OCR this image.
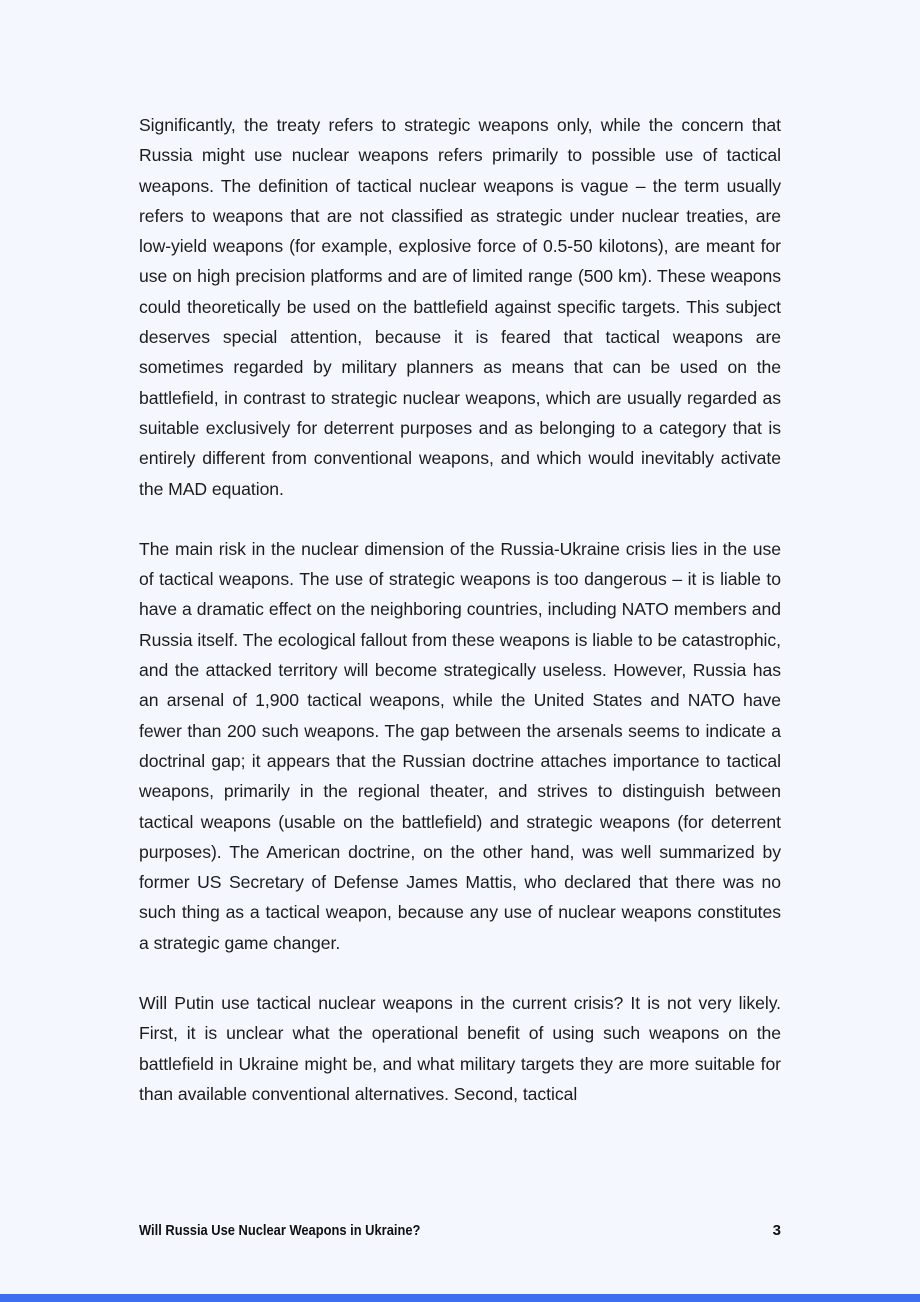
Significantly, the treaty refers to strategic weapons only, while the concern that Russia might use nuclear weapons refers primarily to possible use of tactical weapons. The definition of tactical nuclear weapons is vague – the term usually refers to weapons that are not classified as strategic under nuclear treaties, are low-yield weapons (for example, explosive force of 0.5-50 kilotons), are meant for use on high precision platforms and are of limited range (500 km). These weapons could theoretically be used on the battlefield against specific targets. This subject deserves special attention, because it is feared that tactical weapons are sometimes regarded by military planners as means that can be used on the battlefield, in contrast to strategic nuclear weapons, which are usually regarded as suitable exclusively for deterrent purposes and as belonging to a category that is entirely different from conventional weapons, and which would inevitably activate the MAD equation.

The main risk in the nuclear dimension of the Russia-Ukraine crisis lies in the use of tactical weapons. The use of strategic weapons is too dangerous – it is liable to have a dramatic effect on the neighboring countries, including NATO members and Russia itself. The ecological fallout from these weapons is liable to be catastrophic, and the attacked territory will become strategically useless. However, Russia has an arsenal of 1,900 tactical weapons, while the United States and NATO have fewer than 200 such weapons. The gap between the arsenals seems to indicate a doctrinal gap; it appears that the Russian doctrine attaches importance to tactical weapons, primarily in the regional theater, and strives to distinguish between tactical weapons (usable on the battlefield) and strategic weapons (for deterrent purposes). The American doctrine, on the other hand, was well summarized by former US Secretary of Defense James Mattis, who declared that there was no such thing as a tactical weapon, because any use of nuclear weapons constitutes a strategic game changer.

Will Putin use tactical nuclear weapons in the current crisis? It is not very likely. First, it is unclear what the operational benefit of using such weapons on the battlefield in Ukraine might be, and what military targets they are more suitable for than available conventional alternatives. Second, tactical

Will Russia Use Nuclear Weapons in Ukraine?	3
